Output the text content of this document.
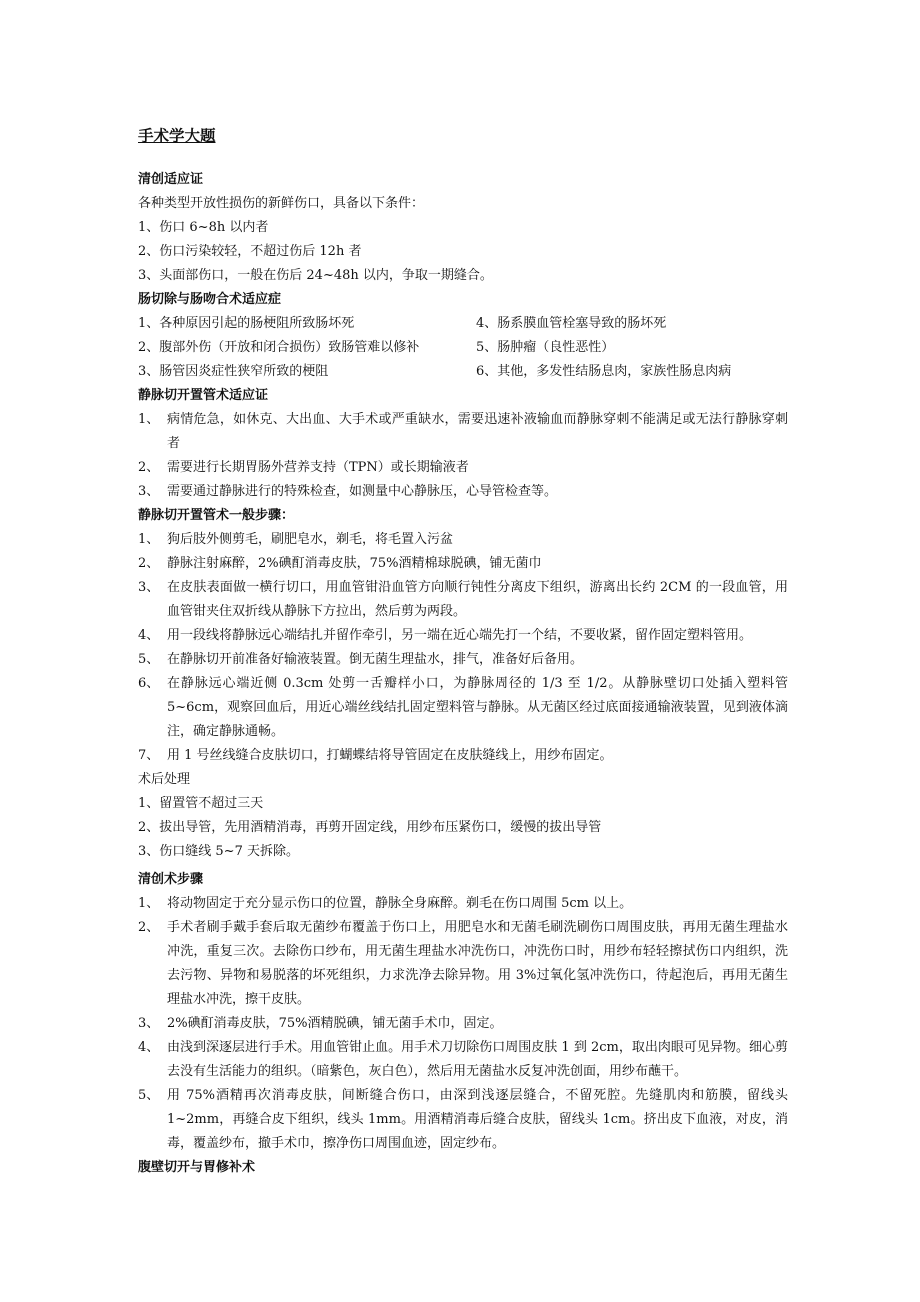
手术学大题
清创适应证
各种类型开放性损伤的新鲜伤口，具备以下条件：
1、伤口 6~8h 以内者
2、伤口污染较轻，不超过伤后 12h 者
3、头面部伤口，一般在伤后 24~48h 以内，争取一期缝合。
肠切除与肠吻合术适应症
1、各种原因引起的肠梗阻所致肠坏死	4、肠系膜血管栓塞导致的肠坏死
2、腹部外伤（开放和闭合损伤）致肠管难以修补	5、肠肿瘤（良性恶性）
3、肠管因炎症性狭窄所致的梗阻	6、其他，多发性结肠息肉，家族性肠息肉病
静脉切开置管术适应证
1、 病情危急，如休克、大出血、大手术或严重缺水，需要迅速补液输血而静脉穿刺不能满足或无法行静脉穿刺者
2、 需要进行长期胃肠外营养支持（TPN）或长期输液者
3、 需要通过静脉进行的特殊检查，如测量中心静脉压，心导管检查等。
静脉切开置管术一般步骤：
1、 狗后肢外侧剪毛，刷肥皂水，剃毛，将毛置入污盆
2、 静脉注射麻醉，2%碘酊消毒皮肤，75%酒精棉球脱碘，铺无菌巾
3、 在皮肤表面做一横行切口，用血管钳沿血管方向顺行钝性分离皮下组织，游离出长约 2CM 的一段血管，用血管钳夹住双折线从静脉下方拉出，然后剪为两段。
4、 用一段线将静脉远心端结扎并留作牵引，另一端在近心端先打一个结，不要收紧，留作固定塑料管用。
5、 在静脉切开前准备好输液装置。倒无菌生理盐水，排气，准备好后备用。
6、 在静脉远心端近侧 0.3cm 处剪一舌瓣样小口，为静脉周径的 1/3 至 1/2。从静脉壁切口处插入塑料管 5~6cm，观察回血后，用近心端丝线结扎固定塑料管与静脉。从无菌区经过底面接通输液装置，见到液体滴注，确定静脉通畅。
7、 用 1 号丝线缝合皮肤切口，打蝴蝶结将导管固定在皮肤缝线上，用纱布固定。
术后处理
1、留置管不超过三天
2、拔出导管，先用酒精消毒，再剪开固定线，用纱布压紧伤口，缓慢的拔出导管
3、伤口缝线 5~7 天拆除。
清创术步骤
1、 将动物固定于充分显示伤口的位置，静脉全身麻醉。剃毛在伤口周围 5cm 以上。
2、 手术者刷手戴手套后取无菌纱布覆盖于伤口上，用肥皂水和无菌毛刷洗刷伤口周围皮肤，再用无菌生理盐水冲洗，重复三次。去除伤口纱布，用无菌生理盐水冲洗伤口，冲洗伤口时，用纱布轻轻擦拭伤口内组织，洗去污物、异物和易脱落的坏死组织，力求洗净去除异物。用 3%过氧化氢冲洗伤口，待起泡后，再用无菌生理盐水冲洗，擦干皮肤。
3、 2%碘酊消毒皮肤，75%酒精脱碘，铺无菌手术巾，固定。
4、 由浅到深逐层进行手术。用血管钳止血。用手术刀切除伤口周围皮肤 1 到 2cm，取出肉眼可见异物。细心剪去没有生活能力的组织。（暗紫色，灰白色），然后用无菌盐水反复冲洗创面，用纱布蘸干。
5、 用 75%酒精再次消毒皮肤，间断缝合伤口，由深到浅逐层缝合，不留死腔。先缝肌肉和筋膜，留线头 1~2mm，再缝合皮下组织，线头 1mm。用酒精消毒后缝合皮肤，留线头 1cm。挤出皮下血液，对皮，消毒，覆盖纱布，撤手术巾，擦净伤口周围血迹，固定纱布。
腹壁切开与胃修补术
